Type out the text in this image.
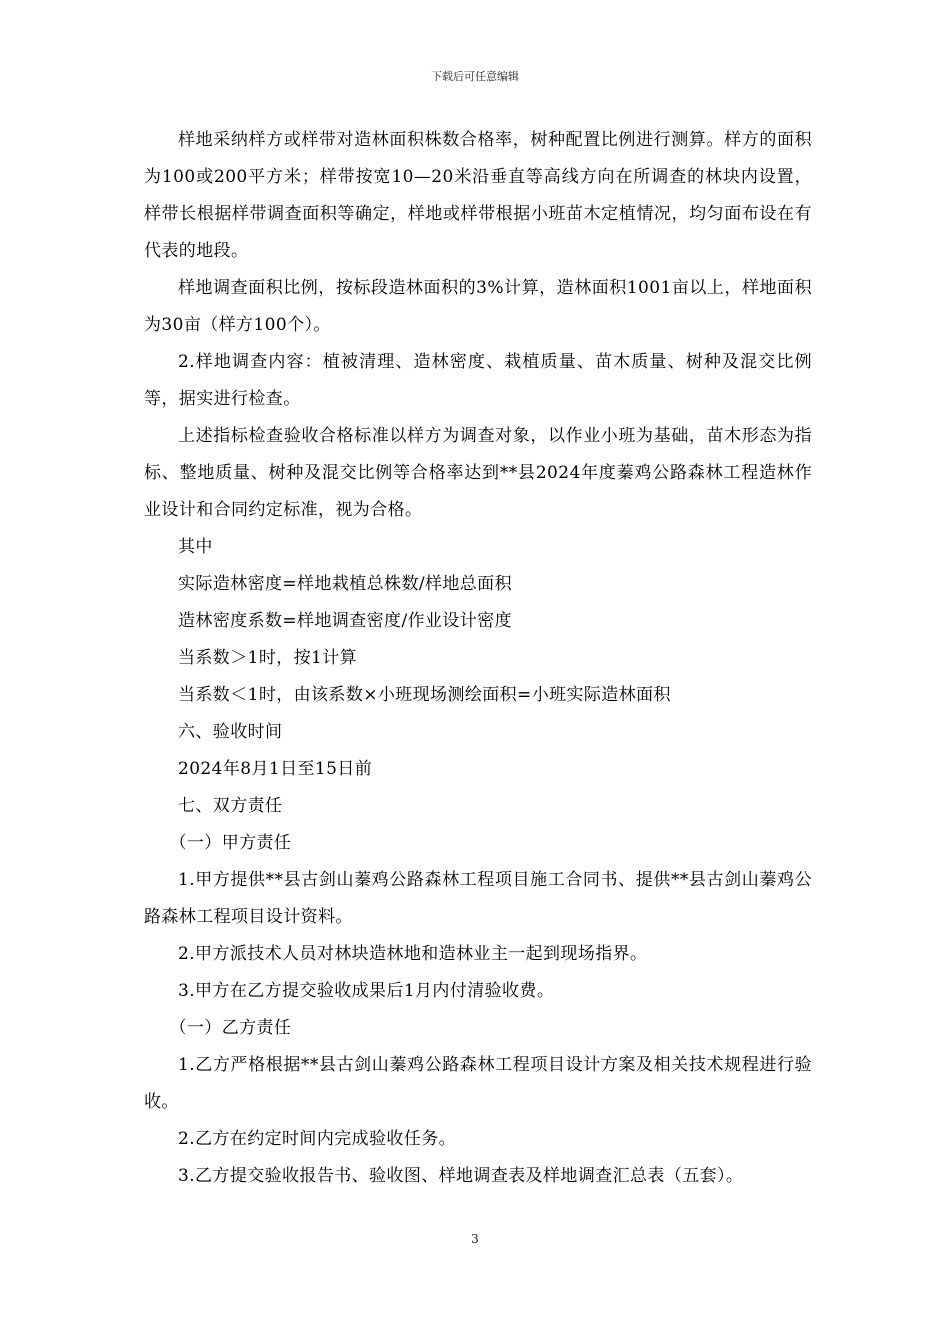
下载后可任意编辑

样地采纳样方或样带对造林面积株数合格率，树种配置比例进行测算。样方的面积为100或200平方米；样带按宽10—20米沿垂直等高线方向在所调查的林块内设置，样带长根据样带调查面积等确定，样地或样带根据小班苗木定植情况，均匀面布设在有代表的地段。

样地调查面积比例，按标段造林面积的3%计算，造林面积1001亩以上，样地面积为30亩（样方100个）。

2.样地调查内容：植被清理、造林密度、栽植质量、苗木质量、树种及混交比例等，据实进行检查。

上述指标检查验收合格标准以样方为调查对象，以作业小班为基础，苗木形态为指标、整地质量、树种及混交比例等合格率达到**县2024年度蓁鸡公路森林工程造林作业设计和合同约定标准，视为合格。

其中

实际造林密度=样地栽植总株数/样地总面积

造林密度系数=样地调查密度/作业设计密度

当系数＞1时，按1计算

当系数＜1时，由该系数×小班现场测绘面积=小班实际造林面积

六、验收时间

2024年8月1日至15日前

七、双方责任

（一）甲方责任

1.甲方提供**县古剑山蓁鸡公路森林工程项目施工合同书、提供**县古剑山蓁鸡公路森林工程项目设计资料。

2.甲方派技术人员对林块造林地和造林业主一起到现场指界。

3.甲方在乙方提交验收成果后1月内付清验收费。

（一）乙方责任

1.乙方严格根据**县古剑山蓁鸡公路森林工程项目设计方案及相关技术规程进行验收。

2.乙方在约定时间内完成验收任务。

3.乙方提交验收报告书、验收图、样地调查表及样地调查汇总表（五套）。

3
